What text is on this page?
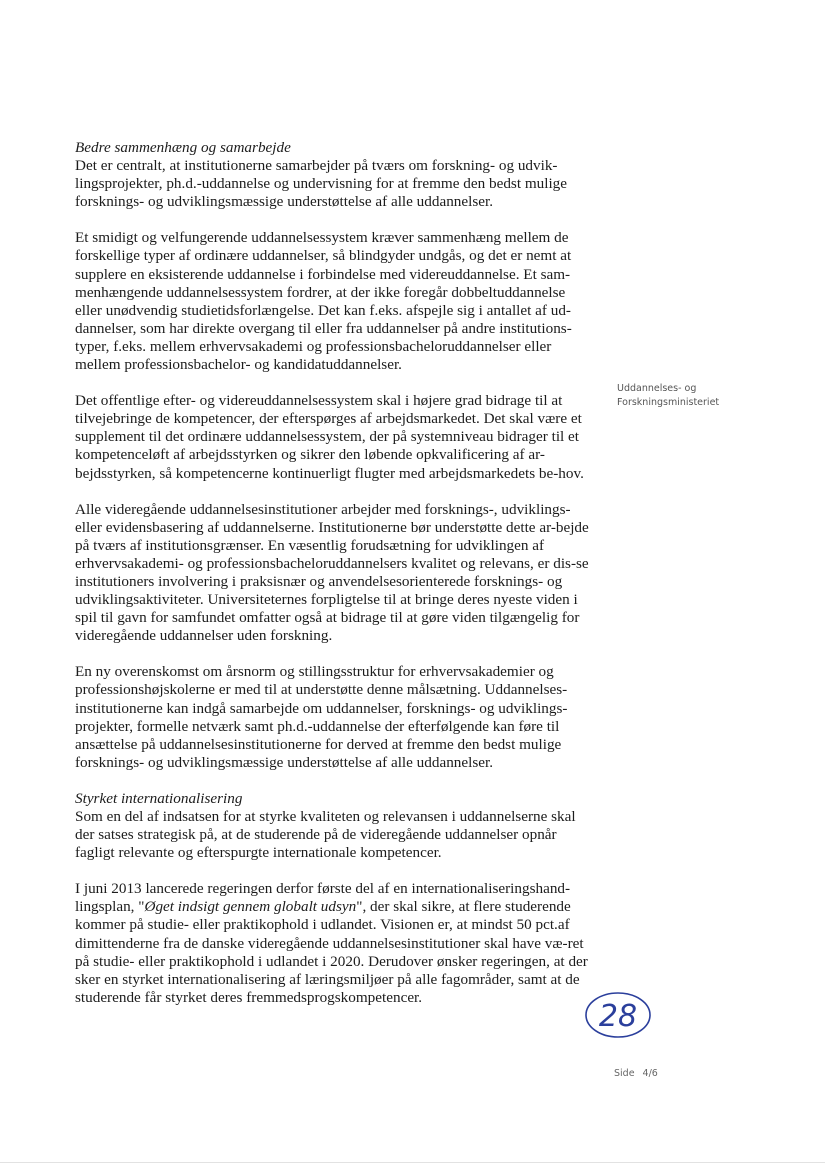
Bedre sammenhæng og samarbejde

Det er centralt, at institutionerne samarbejder på tværs om forskning- og udvik-lingsprojekter, ph.d.-uddannelse og undervisning for at fremme den bedst mulige forsknings- og udviklingsmæssige understøttelse af alle uddannelser.

Et smidigt og velfungerende uddannelsessystem kræver sammenhæng mellem de forskellige typer af ordinære uddannelser, så blindgyder undgås, og det er nemt at supplere en eksisterende uddannelse i forbindelse med videreuddannelse. Et sam-menhængende uddannelsessystem fordrer, at der ikke foregår dobbeltuddannelse eller unødvendig studietidsforlængelse. Det kan f.eks. afspejle sig i antallet af ud-dannelser, som har direkte overgang til eller fra uddannelser på andre institutions-typer, f.eks. mellem erhvervsakademi og professionsbacheloruddannelser eller mellem professionsbachelor- og kandidatuddannelser.

Det offentlige efter- og videreuddannelsessystem skal i højere grad bidrage til at tilvejebringe de kompetencer, der efterspørges af arbejdsmarkedet. Det skal være et supplement til det ordinære uddannelsessystem, der på systemniveau bidrager til et kompetenceløft af arbejdsstyrken og sikrer den løbende opkvalificering af ar-bejdsstyrken, så kompetencerne kontinuerligt flugter med arbejdsmarkedets be-hov.

Alle videregående uddannelsesinstitutioner arbejder med forsknings-, udviklings- eller evidensbasering af uddannelserne. Institutionerne bør understøtte dette ar-bejde på tværs af institutionsgrænser. En væsentlig forudsætning for udviklingen af erhvervsakademi- og professionsbacheloruddannelsers kvalitet og relevans, er dis-se institutioners involvering i praksisnær og anvendelsesorienterede forsknings- og udviklingsaktiviteter. Universiteternes forpligtelse til at bringe deres nyeste viden i spil til gavn for samfundet omfatter også at bidrage til at gøre viden tilgængelig for videregående uddannelser uden forskning.

En ny overenskomst om årsnorm og stillingsstruktur for erhvervsakademier og professionshøjskolerne er med til at understøtte denne målsætning. Uddannelses-institutionerne kan indgå samarbejde om uddannelser, forsknings- og udviklings-projekter, formelle netværk samt ph.d.-uddannelse der efterfølgende kan føre til ansættelse på uddannelsesinstitutionerne for derved at fremme den bedst mulige forsknings- og udviklingsmæssige understøttelse af alle uddannelser.

Styrket internationalisering

Som en del af indsatsen for at styrke kvaliteten og relevansen i uddannelserne skal der satses strategisk på, at de studerende på de videregående uddannelser opnår fagligt relevante og efterspurgte internationale kompetencer.

I juni 2013 lancerede regeringen derfor første del af en internationaliseringshand-lingsplan, "Øget indsigt gennem globalt udsyn", der skal sikre, at flere studerende kommer på studie- eller praktikophold i udlandet. Visionen er, at mindst 50 pct.af dimittenderne fra de danske videregående uddannelsesinstitutioner skal have væ-ret på studie- eller praktikophold i udlandet i 2020. Derudover ønsker regeringen, at der sker en styrket internationalisering af læringsmiljøer på alle fagområder, samt at de studerende får styrket deres fremmedsprogskompetencer.

Uddannelses- og
Forskningsministeriet
28
Side 4/6
